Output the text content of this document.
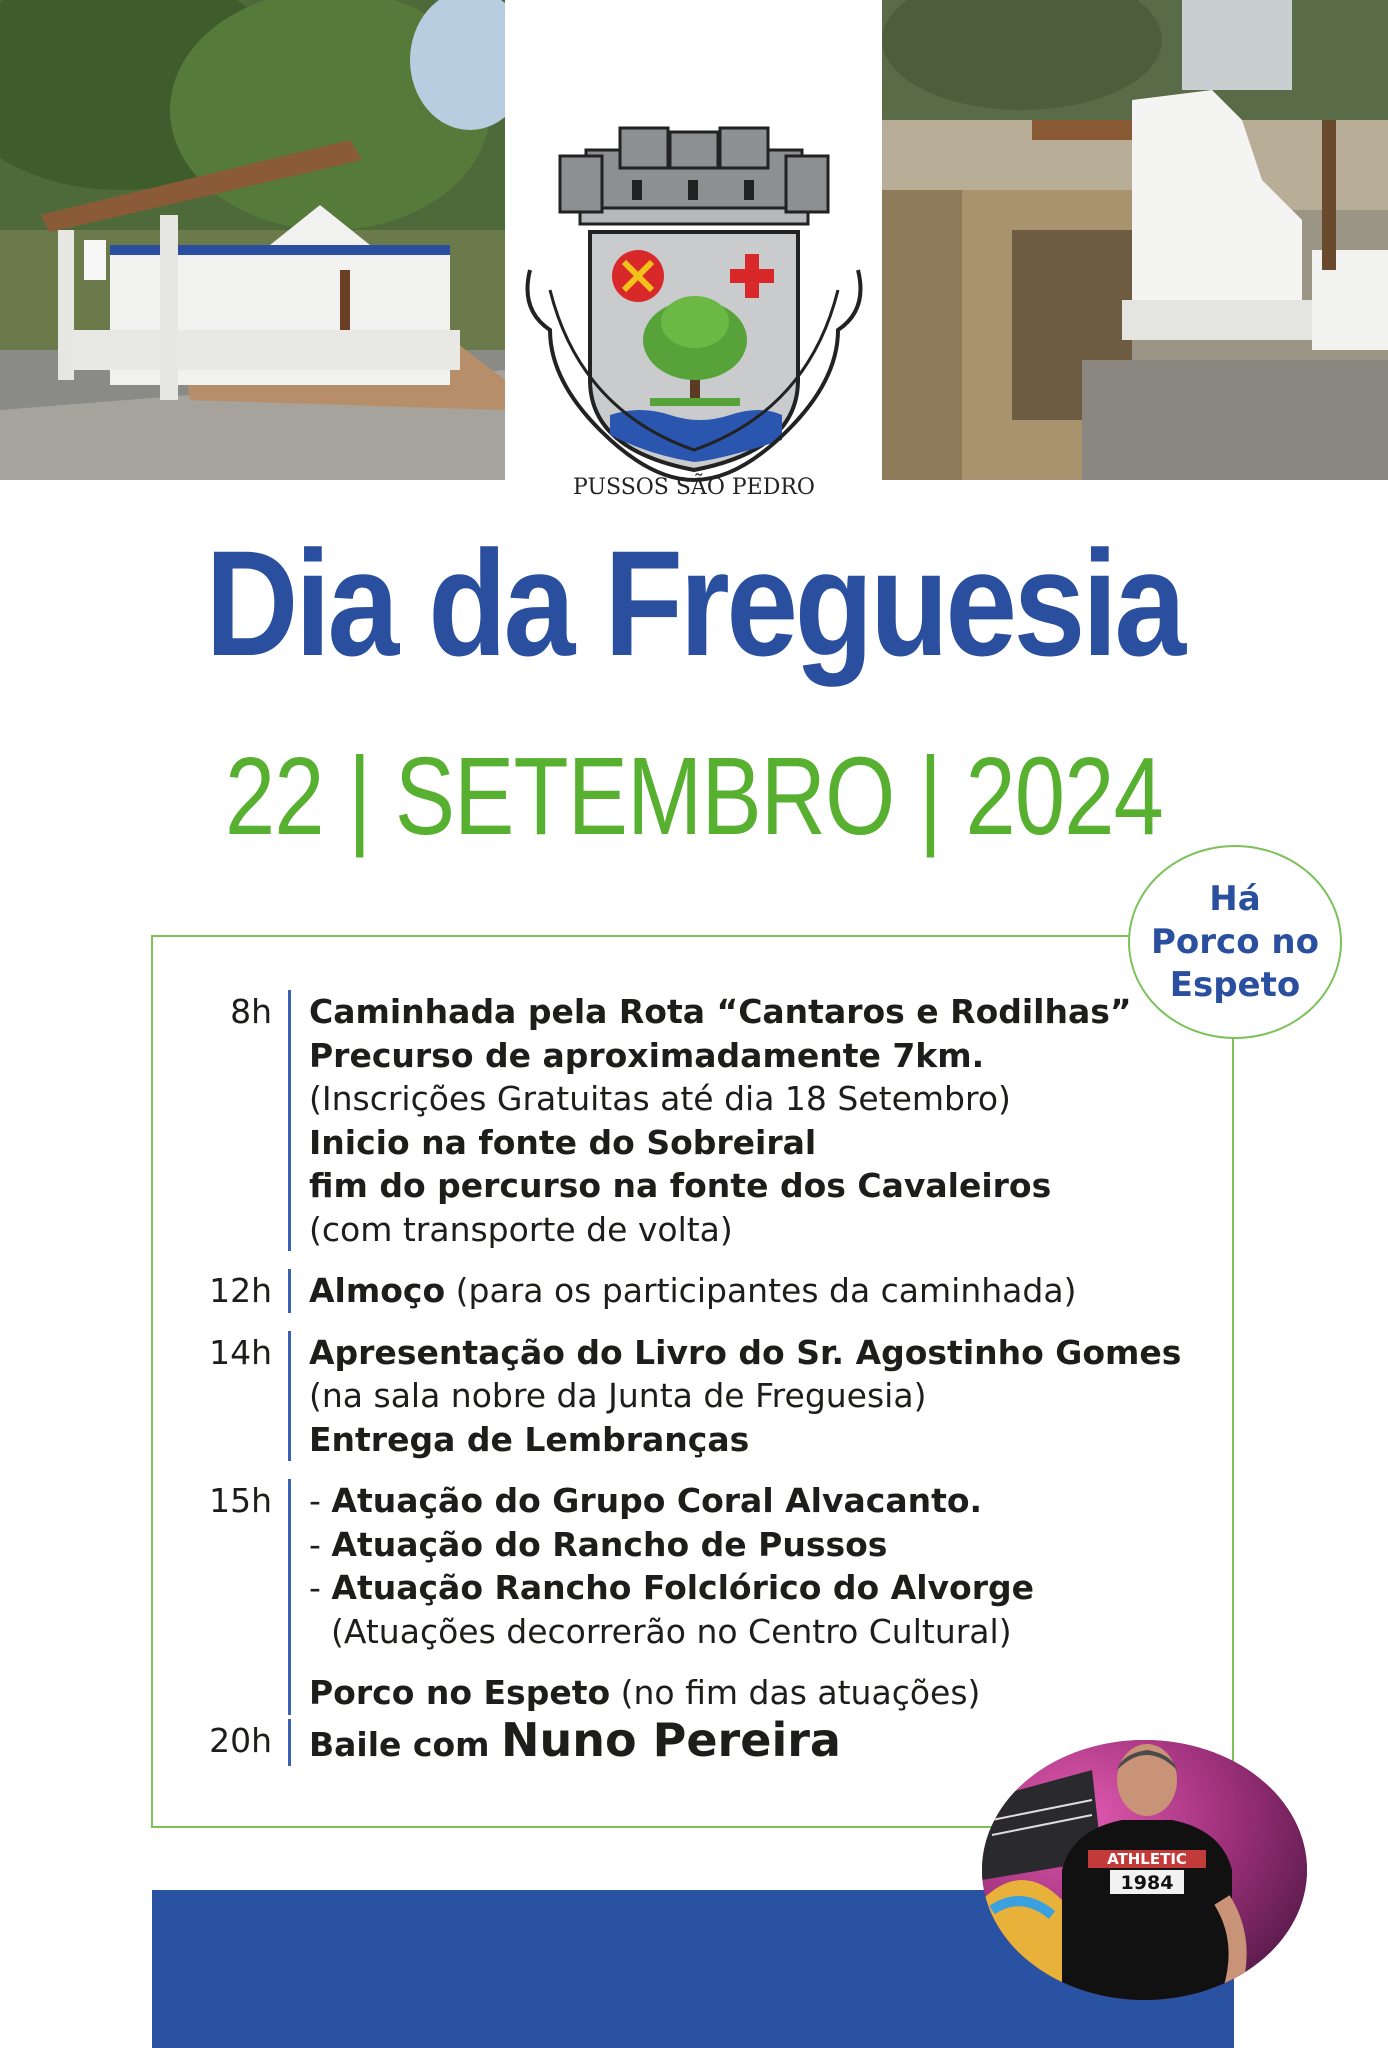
PUSSOS SÃO PEDRO
Dia da Freguesia
22 | SETEMBRO | 2024
Há
Porco no
Espeto
8h	Caminhada pela Rota “Cantaros e Rodilhas”
Precurso de aproximadamente 7km.
(Inscrições Gratuitas até dia 18 Setembro)
Inicio na fonte do Sobreiral
fim do percurso na fonte dos Cavaleiros
(com transporte de volta)
12h	Almoço (para os participantes da caminhada)
14h	Apresentação do Livro do Sr. Agostinho Gomes
(na sala nobre da Junta de Freguesia)
Entrega de Lembranças
15h	- Atuação do Grupo Coral Alvacanto.
- Atuação do Rancho de Pussos
- Atuação Rancho Folclórico do Alvorge
(Atuações decorrerão no Centro Cultural)
Porco no Espeto (no fim das atuações)
20h	Baile com Nuno Pereira
ATHLETIC
1984
